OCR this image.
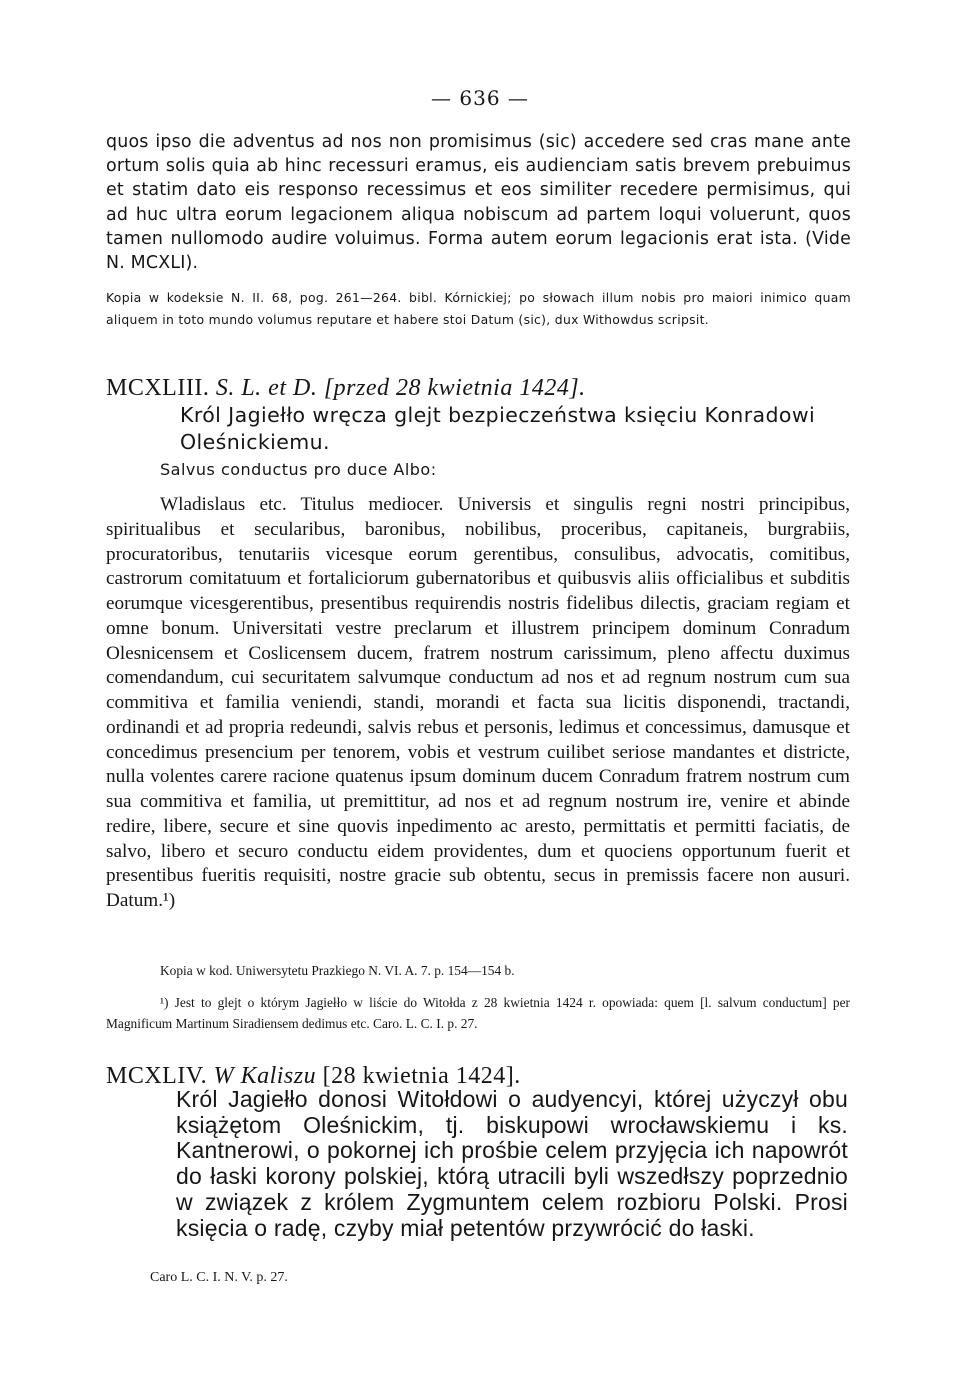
— 636 —
quos ipso die adventus ad nos non promisimus (sic) accedere sed cras mane ante ortum solis quia ab hinc recessuri eramus, eis audienciam satis brevem prebuimus et statim dato eis responso recessimus et eos similiter recedere permisimus, qui ad huc ultra eorum legacionem aliqua nobiscum ad partem loqui voluerunt, quos tamen nullomodo audire voluimus. Forma autem eorum legacionis erat ista. (Vide N. MCXLI).
Kopia w kodeksie N. II. 68, pog. 261—264. bibl. Kórnickiej; po słowach illum nobis pro maiori inimico quam aliquem in toto mundo volumus reputare et habere stoi Datum (sic), dux Withowdus scripsit.
MCXLIII. S. L. et D. [przed 28 kwietnia 1424].
Król Jagiełło wręcza glejt bezpieczeństwa księciu Konradowi Oleśnickiemu.
Salvus conductus pro duce Albo:
Wladislaus etc. Titulus mediocer. Universis et singulis regni nostri principibus, spiritualibus et secularibus, baronibus, nobilibus, proceribus, capitaneis, burgrabiis, procuratoribus, tenutariis vicesque eorum gerentibus, consulibus, advocatis, comitibus, castrorum comitatuum et fortaliciorum gubernatoribus et quibusvis aliis officialibus et subditis eorumque vicesgerentibus, presentibus requirendis nostris fidelibus dilectis, graciam regiam et omne bonum. Universitati vestre preclarum et illustrem principem dominum Conradum Olesnicensem et Coslicensem ducem, fratrem nostrum carissimum, pleno affectu duximus comendandum, cui securitatem salvumque conductum ad nos et ad regnum nostrum cum sua commitiva et familia veniendi, standi, morandi et facta sua licitis disponendi, tractandi, ordinandi et ad propria redeundi, salvis rebus et personis, ledimus et concessimus, damusque et concedimus presencium per tenorem, vobis et vestrum cuilibet seriose mandantes et districte, nulla volentes carere racione quatenus ipsum dominum ducem Conradum fratrem nostrum cum sua commitiva et familia, ut premittitur, ad nos et ad regnum nostrum ire, venire et abinde redire, libere, secure et sine quovis inpedimento ac aresto, permittatis et permitti faciatis, de salvo, libero et securo conductu eidem providentes, dum et quociens opportunum fuerit et presentibus fueritis requisiti, nostre gracie sub obtentu, secus in premissis facere non ausuri. Datum.¹)
Kopia w kod. Uniwersytetu Prazkiego N. VI. A. 7. p. 154—154 b.
¹) Jest to glejt o którym Jagiełło w liście do Witołda z 28 kwietnia 1424 r. opowiada: quem [l. salvum conductum] per Magnificum Martinum Siradiensem dedimus etc. Caro. L. C. I. p. 27.
MCXLIV. W Kaliszu [28 kwietnia 1424].
Król Jagiełło donosi Witołdowi o audyencyi, której użyczył obu książętom Oleśnickim, tj. biskupowi wrocławskiemu i ks. Kantnerowi, o pokornej ich prośbie celem przyjęcia ich napowrót do łaski korony polskiej, którą utracili byli wszedłszy poprzednio w związek z królem Zygmuntem celem rozbioru Polski. Prosi księcia o radę, czyby miał petentów przywrócić do łaski.
Caro L. C. I. N. V. p. 27.
